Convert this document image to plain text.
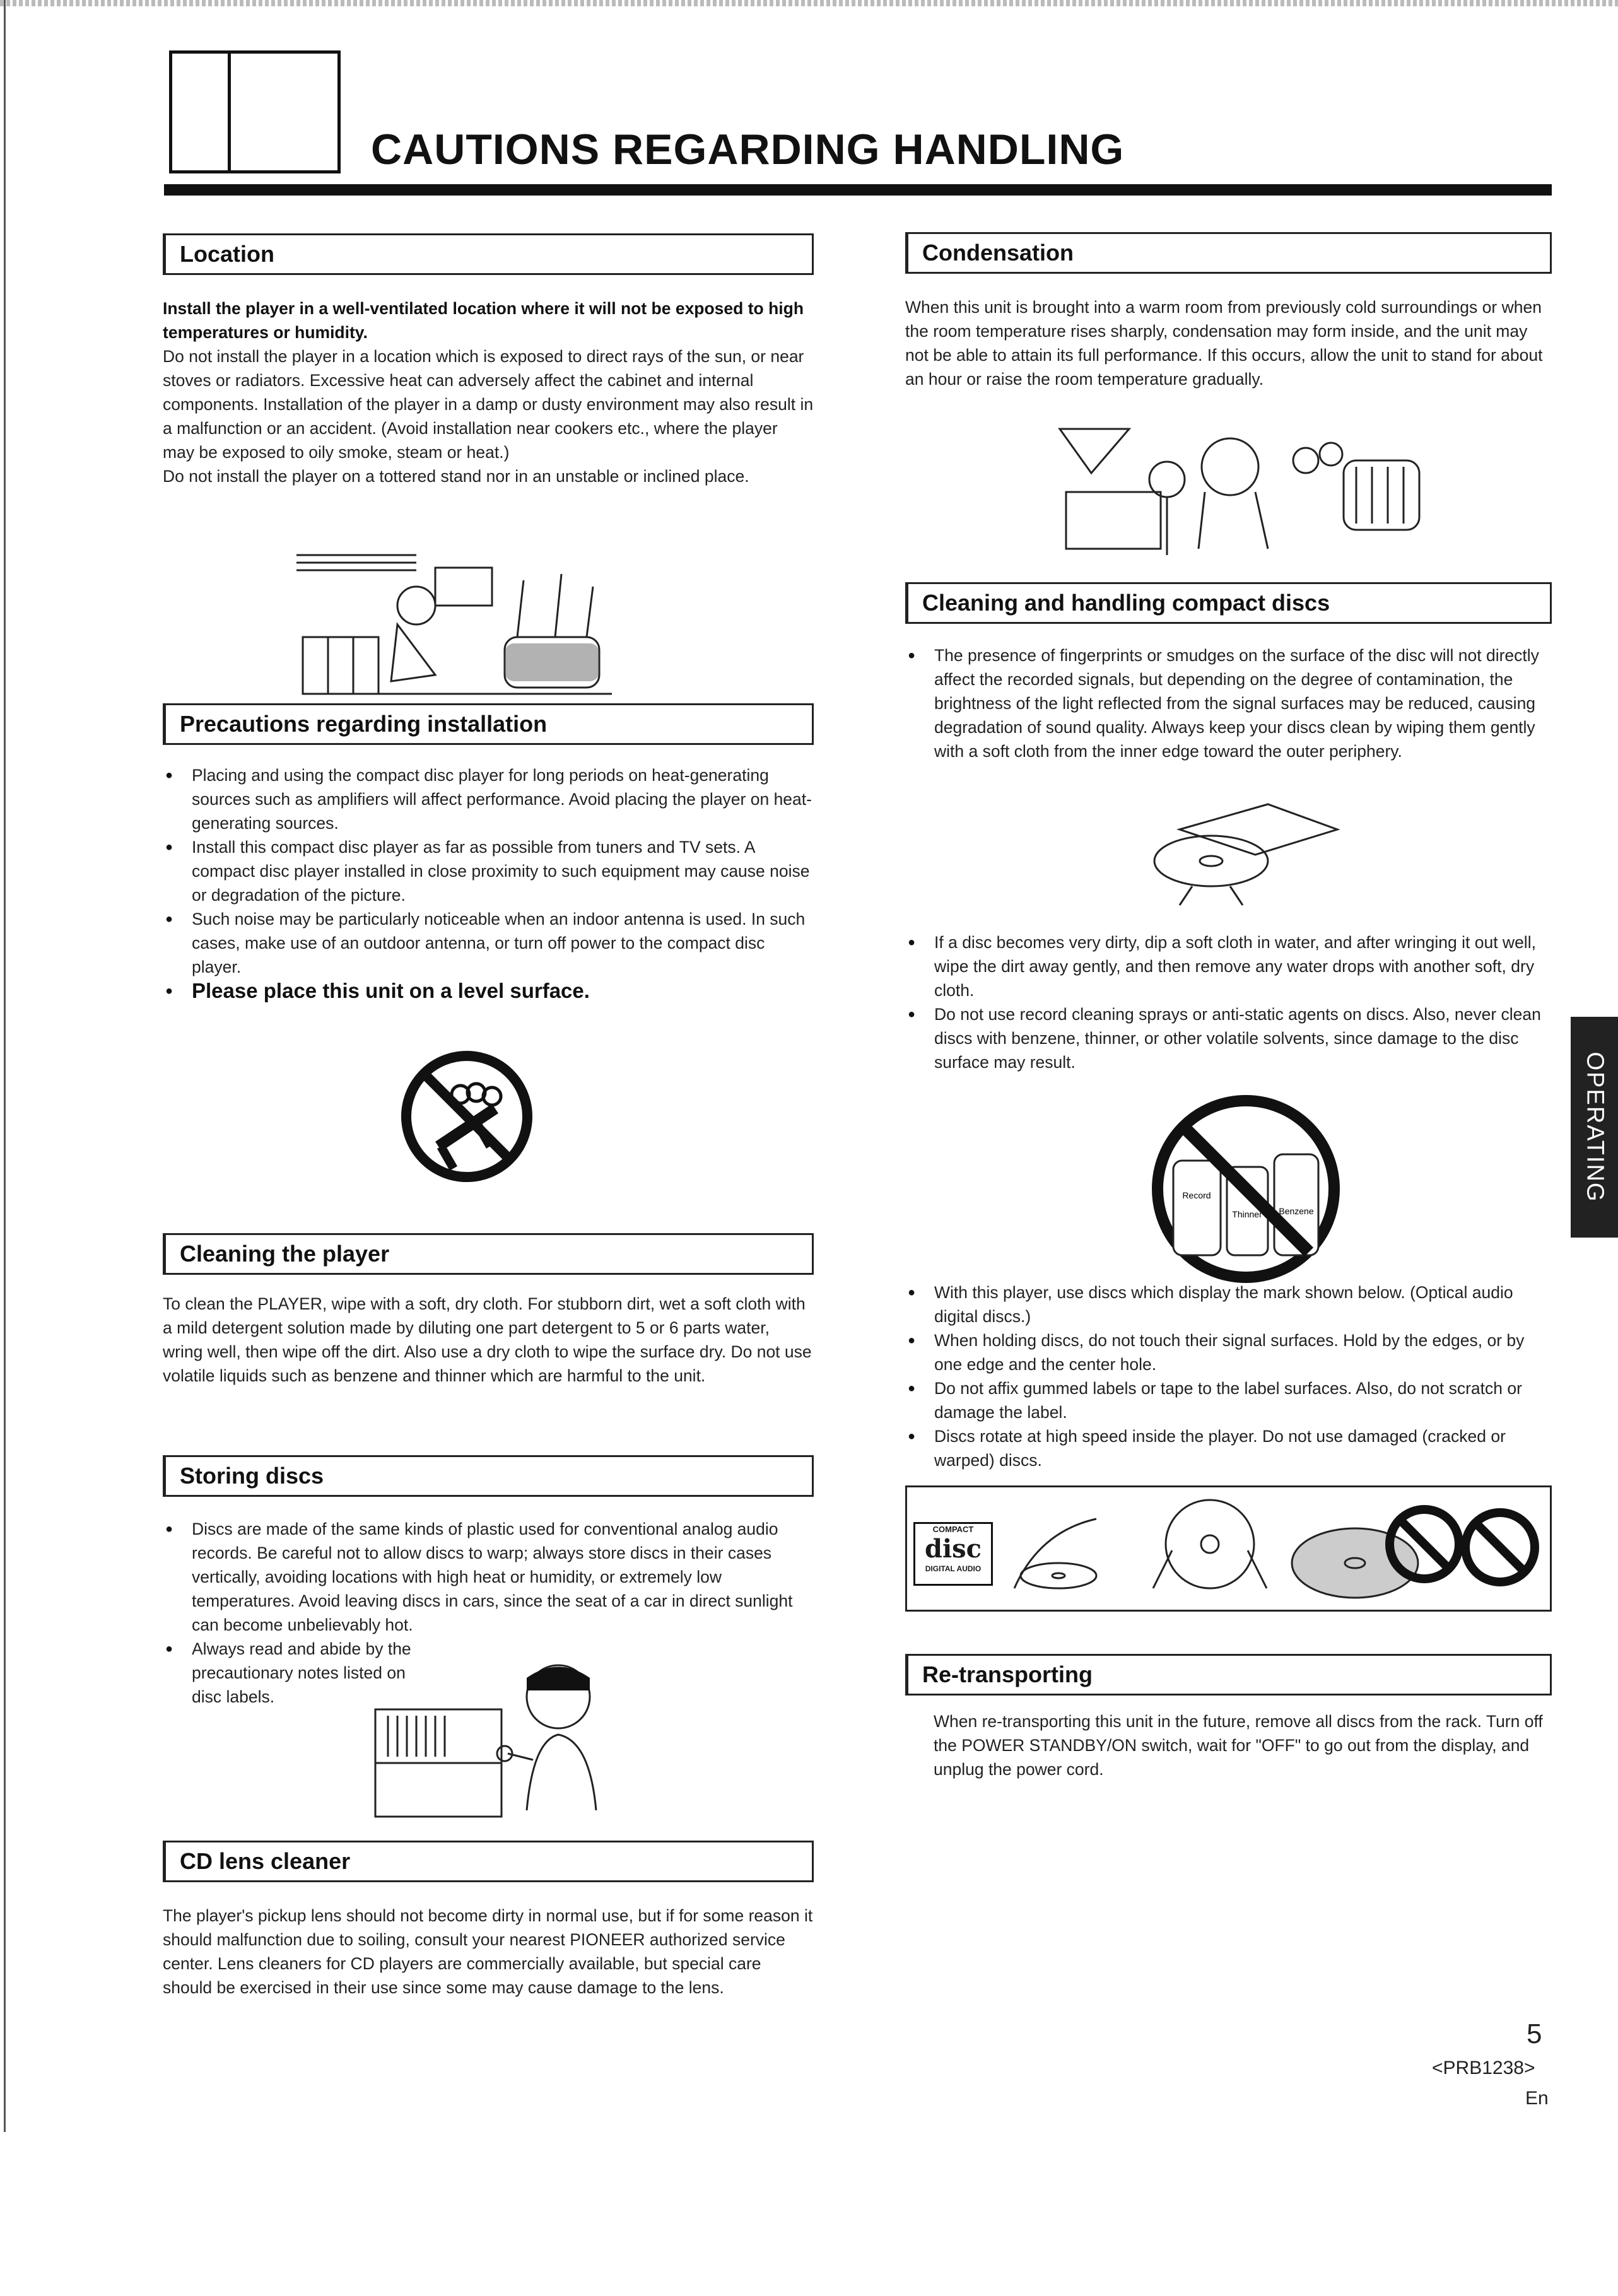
CAUTIONS REGARDING HANDLING
Location

Install the player in a well-ventilated location where it will not be exposed to high temperatures or humidity.

Do not install the player in a location which is exposed to direct rays of the sun, or near stoves or radiators. Excessive heat can adversely affect the cabinet and internal components. Installation of the player in a damp or dusty environment may also result in a malfunction or an accident. (Avoid installation near cookers etc., where the player may be exposed to oily smoke, steam or heat.)

Do not install the player on a tottered stand nor in an unstable or inclined place.

Precautions regarding installation
● Placing and using the compact disc player for long periods on heat-generating sources such as amplifiers will affect performance. Avoid placing the player on heat-generating sources.
● Install this compact disc player as far as possible from tuners and TV sets. A compact disc player installed in close proximity to such equipment may cause noise or degradation of the picture.
● Such noise may be particularly noticeable when an indoor antenna is used. In such cases, make use of an outdoor antenna, or turn off power to the compact disc player.
● Please place this unit on a level surface.
Cleaning the player
To clean the PLAYER, wipe with a soft, dry cloth. For stubborn dirt, wet a soft cloth with a mild detergent solution made by diluting one part detergent to 5 or 6 parts water, wring well, then wipe off the dirt. Also use a dry cloth to wipe the surface dry. Do not use volatile liquids such as benzene and thinner which are harmful to the unit.
Storing discs
● Discs are made of the same kinds of plastic used for conventional analog audio records. Be careful not to allow discs to warp; always store discs in their cases vertically, avoiding locations with high heat or humidity, or extremely low temperatures. Avoid leaving discs in cars, since the seat of a car in direct sunlight can become unbelievably hot.
● Always read and abide by the precautionary notes listed on disc labels.
CD lens cleaner
The player's pickup lens should not become dirty in normal use, but if for some reason it should malfunction due to soiling, consult your nearest PIONEER authorized service center. Lens cleaners for CD players are commercially available, but special care should be exercised in their use since some may cause damage to the lens.
Condensation
When this unit is brought into a warm room from previously cold surroundings or when the room temperature rises sharply, condensation may form inside, and the unit may not be able to attain its full performance. If this occurs, allow the unit to stand for about an hour or raise the room temperature gradually.
Cleaning and handling compact discs
● The presence of fingerprints or smudges on the surface of the disc will not directly affect the recorded signals, but depending on the degree of contamination, the brightness of the light reflected from the signal surfaces may be reduced, causing degradation of sound quality. Always keep your discs clean by wiping them gently with a soft cloth from the inner edge toward the outer periphery.
● If a disc becomes very dirty, dip a soft cloth in water, and after wringing it out well, wipe the dirt away gently, and then remove any water drops with another soft, dry cloth.
● Do not use record cleaning sprays or anti-static agents on discs. Also, never clean discs with benzene, thinner, or other volatile solvents, since damage to the disc surface may result.
Record
Thinner Benzene
● With this player, use discs which display the mark shown below. (Optical audio digital discs.)
● When holding discs, do not touch their signal surfaces. Hold by the edges, or by one edge and the center hole.
● Do not affix gummed labels or tape to the label surfaces. Also, do not scratch or damage the label.
● Discs rotate at high speed inside the player. Do not use damaged (cracked or warped) discs.
COMPACT
disc
DIGITAL AUDIO
Re-transporting
When re-transporting this unit in the future, remove all discs from the rack. Turn off the POWER STANDBY/ON switch, wait for "OFF" to go out from the display, and unplug the power cord.
OPERATING
5
<PRB1238>
En
